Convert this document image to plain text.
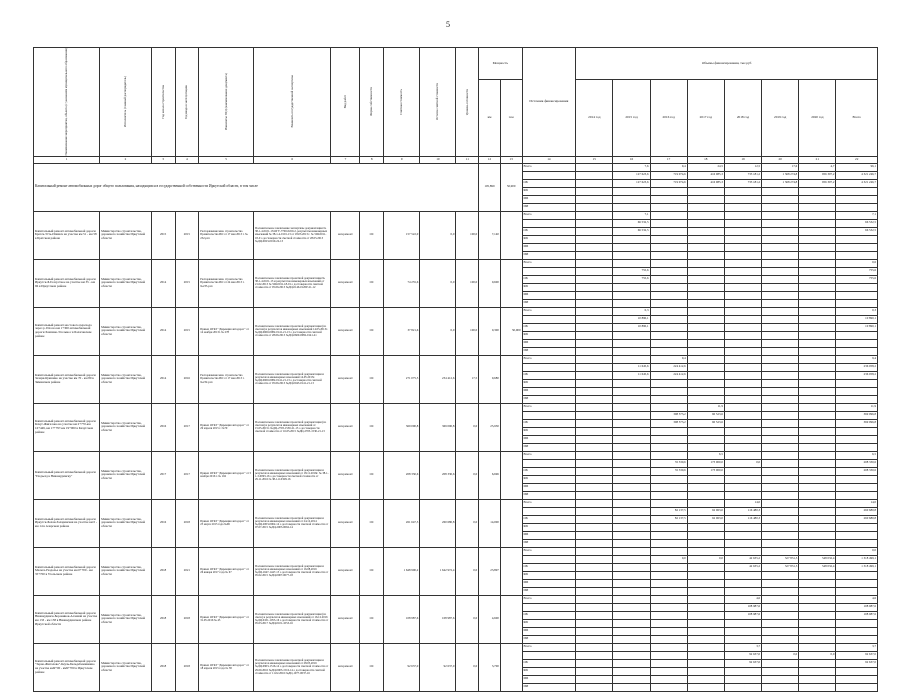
5
Наименование мероприятия, объекта (с указанием муниципального образования)	Исполнитель (главный распорядитель)	Год начала строительства	Год ввода в эксплуатацию	Реквизиты ПСД (наименование документа)	Реквизиты государственной экспертизы	Вид работ	Форма собственности	Сметная стоимость	Остаток сметной стоимости	Уровень готовности	Мощность		Источник финансирования	Объемы финансирования, тыс.руб							
											км	п.м		2014 год	2015 год	2016 год	2017 год	2018 год	2019 год	2020 год	Всего
1	2	3	4	5	6	7	8	9	10	11	12	13	14	15	16	17	18	19	20	21	22
Капитальный ремонт автомобильных дорог общего пользования, находящихся в государственной собственности Иркутской области, в том числе											105,899	50,900	Всего		7,6	9,4	24,5	12,5	17,6	4,7	96,1
															127 623,6	719 074,6	416 985,3	733 181,2	1 368 274,8	956 307,2	4 321 246,7
													ОБ		127 623,6	719 074,6	416 985,3	733 181,2	1 368 274,8	956 307,2	4 321 246,7
													ФБ								
													МБ								
													ИИ								
Капитальный ремонт автомобильной дороги Братск-Усть-Илимск на участке км 51 - км 58 в Братском районе	Министерство строительства, дорожного хозяйства Иркутской области	2015	2015	Распоряжение мин. строительства Правительства ИО от 17 мая 2013 г. № 232-рзп	Положительное заключение экспертизы документации № 38-1-4-0101-13/ОГУ-7700-0450-2, результаты инженерных изысканий № 38-1-4-0101-13 от 18.03.2013 г. № 5Ш-0011-18-0 о достоверности сметной стоимости от 28.05.2013 №ДЦ-0023-0010-22-13	кап.ремонт	ОС	157 522,0	0,0	100,0	7,140		Всего		7,1						7,1
															66 532,5						66 532,5
													ОБ		66 532,5						66 532,5
													ФБ								
													МБ								
													ИИ								
Капитальный ремонт автомобильной дороги Иркутск-Б.Голоустное на участке км 35 - км 96 в Иркутском районе	Министерство строительства, дорожного хозяйства Иркутской области	2014	2015	Распоряжение мин. строительства Правительства ИО от 24 мая 2013 г. №235-рзп	Положительное заключение проектной документации № 38-1-4-0101-13 и результатов инженерных изысканий от 21.02.2013 № 5Ш-0011-18-01 о достоверности сметной стоимости от 05.06.2013 №ДЦ-0146-0120Р-21-12	кап.ремонт	ОС	74 255,6	0,0	100,0	0,600		Всего								0,6
															755,6						755,6
													ОБ		755,6						755,6
													ФБ								
													МБ								
													ИИ								
Капитальный ремонт мостового перехода через р. Ила на км 1+300 автомобильной дороги Хамзино-Усольмос в Балаганском районе	Министерство строительства, дорожного хозяйства Иркутской области	2014	2015	Приказ ОГКУ "Дирекция автодорог" от 14 ноября 2013г. № 278	Положительное заключение проектной документации (по сметам) и результатов инженерных изысканий 14.05.2013г. №ДЦ-0600-0082-0141-21-13 о достоверности сметной стоимости от 28.06.2013 №ДЦ-0600-0082-0141-21	кап.ремонт	ОС	37 821,6	0,0	100,0	0,300	50,900	Всего		0,3						0,3
															10 890,1						10 890,1
													ОБ		10 890,1						10 890,1
													ФБ								
													МБ								
													ИИ								
Капитальный ремонт автомобильной дороги Залари-Кукшино на участке км 70 - км 80 в Зиминском районе	Министерство строительства, дорожного хозяйства Иркутской области	2014	2016	Распоряжение мин. строительства Правительства ИО от 17 мая 2013 г. №232-рзп	Положительное заключение проектной документации и результатов инженерных изысканий 14.05.2013г. №ДЦ-0600-0082-0141-21-13 о достоверности сметной стоимости от 05.06.2013 №ДЦ-0043-0141-21-13	кап.ремонт	ОС	271 075,5	234 412,6	17,5	9,680		Всего			9,4					9,4
															11 645,6	224 412,6					236 058,2
													ОБ		11 645,6	224 412,6					236 058,2
													ФБ								
													МБ								
													ИИ								
Капитальный ремонт автомобильной дороги Качуг-Жигалово на участке км 2+770-км 16+449, км 17+797-км 19+000 в Качугском районе	Министерство строительства, дорожного хозяйства Иркутской области	2016	2017	Приказ ОГКУ "Дирекция автодорог" от 29 апреля 2015 г. №79	Положительное заключение проектной документации (по сметам) и результатов инженерных изысканий от 15.05.2015г. №ДЦ-2703-1530-21-13 о достоверности сметной стоимости от 16.05.2015 №ДЦ-2703-1530-21-13	кап.ремонт	ОС	369 090,8	369 090,8	0,0	25,930		Всего				11,9				11,9
																308 573,2	60 523,6				369 096,8
													ОБ			308 573,2	60 523,6				369 096,8
													ФБ								
													МБ								
													ИИ								
Капитальный ремонт автомобильной дороги "Подъезд к Нижнеудинску"	Министерство строительства, дорожного хозяйства Иркутской области	2017	2017	Приказ ОГКУ "Дирекция автодорог" от 5 ноября 2016 г. № 162	Положительное заключение проектной документации и результатов инженерных изысканий от 18.11.2016г. № 38-1-1-3-0093-16 о достоверности сметной стоимости от 29.11.2016 № 38-1-6-0328-16	кап.ремонт	ОС	208 330,6	208 330,6	0,0	6,696		Всего				6,5				6,5
																35 330,6	173 000,0	0,0			208 330,6
													ОБ			35 330,6	173 000,0				208 330,6
													ФБ								
													МБ								
													ИИ								
Капитальный ремонт автомобильной дороги Иркутск-Бохан-Заларинская на участке км 0 - км 14 в Аларском районе	Министерство строительства, дорожного хозяйства Иркутской области	2016	2018	Приказ ОГКУ "Дирекция автодорог" от 25 марта 2015 года №96	Положительное заключение проектной документации и результатов инженерных изысканий от 24.12.2014 №ДЦ-2003-0062-14 о достоверности сметной стоимости от 07.07.2015 №ДЦ-2003-0062-14	кап.ремонт	ОС	261 647,5	260 680,8	0,0	14,000		Всего					14,0			14,0
																82 137,5	62 063,0	116 480,3			260 680,8
													ОБ			82 137,5	62 063,0	116 480,3			260 680,8
													ФБ								
													МБ								
													ИИ								
Капитальный ремонт автомобильной дороги Мальта-Раздолье на участке км 0+700 - км 35+700 в Усольском районе	Министерство строительства, дорожного хозяйства Иркутской области	2018	2021	Приказ ОГКУ "Дирекция автодорог" от 26 января 2017 года № 67	Положительное заключение проектной документации и результатов инженерных изысканий от 16.08.2016 №ДЦ-1647-1447-15 о достоверности сметной стоимости от 05.02.2015 №ДЦ-0007-0077-18	кап.ремонт	ОС	1 648 900,2	1 642 972,4	0,0	23,897		Всего								0,0
																0,0	0,0	42 635,2	327 831,5	548 032,4	1 318 499,1
													ОБ					42 635,2	327 831,5	548 032,4	1 318 499,1
													ФБ								
													МБ								
													ИИ								
Капитальный ремонт автомобильной дороги Нижнеудинск-Боровинок-Алзамай на участке км 133 - км 138 в Нижнеудинском районе Иркутской области	Министерство строительства, дорожного хозяйства Иркутской области	2018	2018	Приказ ОГКУ "Дирекция автодорог" от 31.05.2016 № 45	Положительное заключение проектной документации (по смете) и результатов инженерных изысканий от 16.12.2016 №ДЦ-0101-1053-16 о достоверности сметной стоимости от 05.03.2017 №ДЦ-0101-1053-16	кап.ремонт	ОС	108 987,6	108 987,6	0,0	4,600		Всего					4,6			4,6
																		108 987,6			108 987,6
													ОБ					108 987,6			108 987,6
													ФБ								
													МБ								
													ИИ								
Капитальный ремонт автомобильной дороги "Зерно-Жигалово"-Кеуль-Бельдебежинкино на участке км9+00 - км9+700 в Иркутском районе	Министерство строительства, дорожного хозяйства Иркутской области	2018	2018	Приказ ОГКУ "Дирекция автодорог" от 18 апреля 2015 года № 58	Положительное заключение проектной документации и результатов инженерных изысканий от 28.05.2016 №ДЦ-0903-1516-14 о достоверности сметной стоимости от 29.09.2016 №ДЦ-0903-1516-14 о достоверности сметной стоимости от 11.02.2016 №ДЦ-1077-0037-16	кап.ремонт	ОС	92 637,0	92 637,0	0,0	3,700		Всего					3,7			3,7
																		92 637,0	0,0	0,0	92 637,0
													ОБ					92 637,0			92 637,0
													ФБ								
													МБ								
													ИИ								
